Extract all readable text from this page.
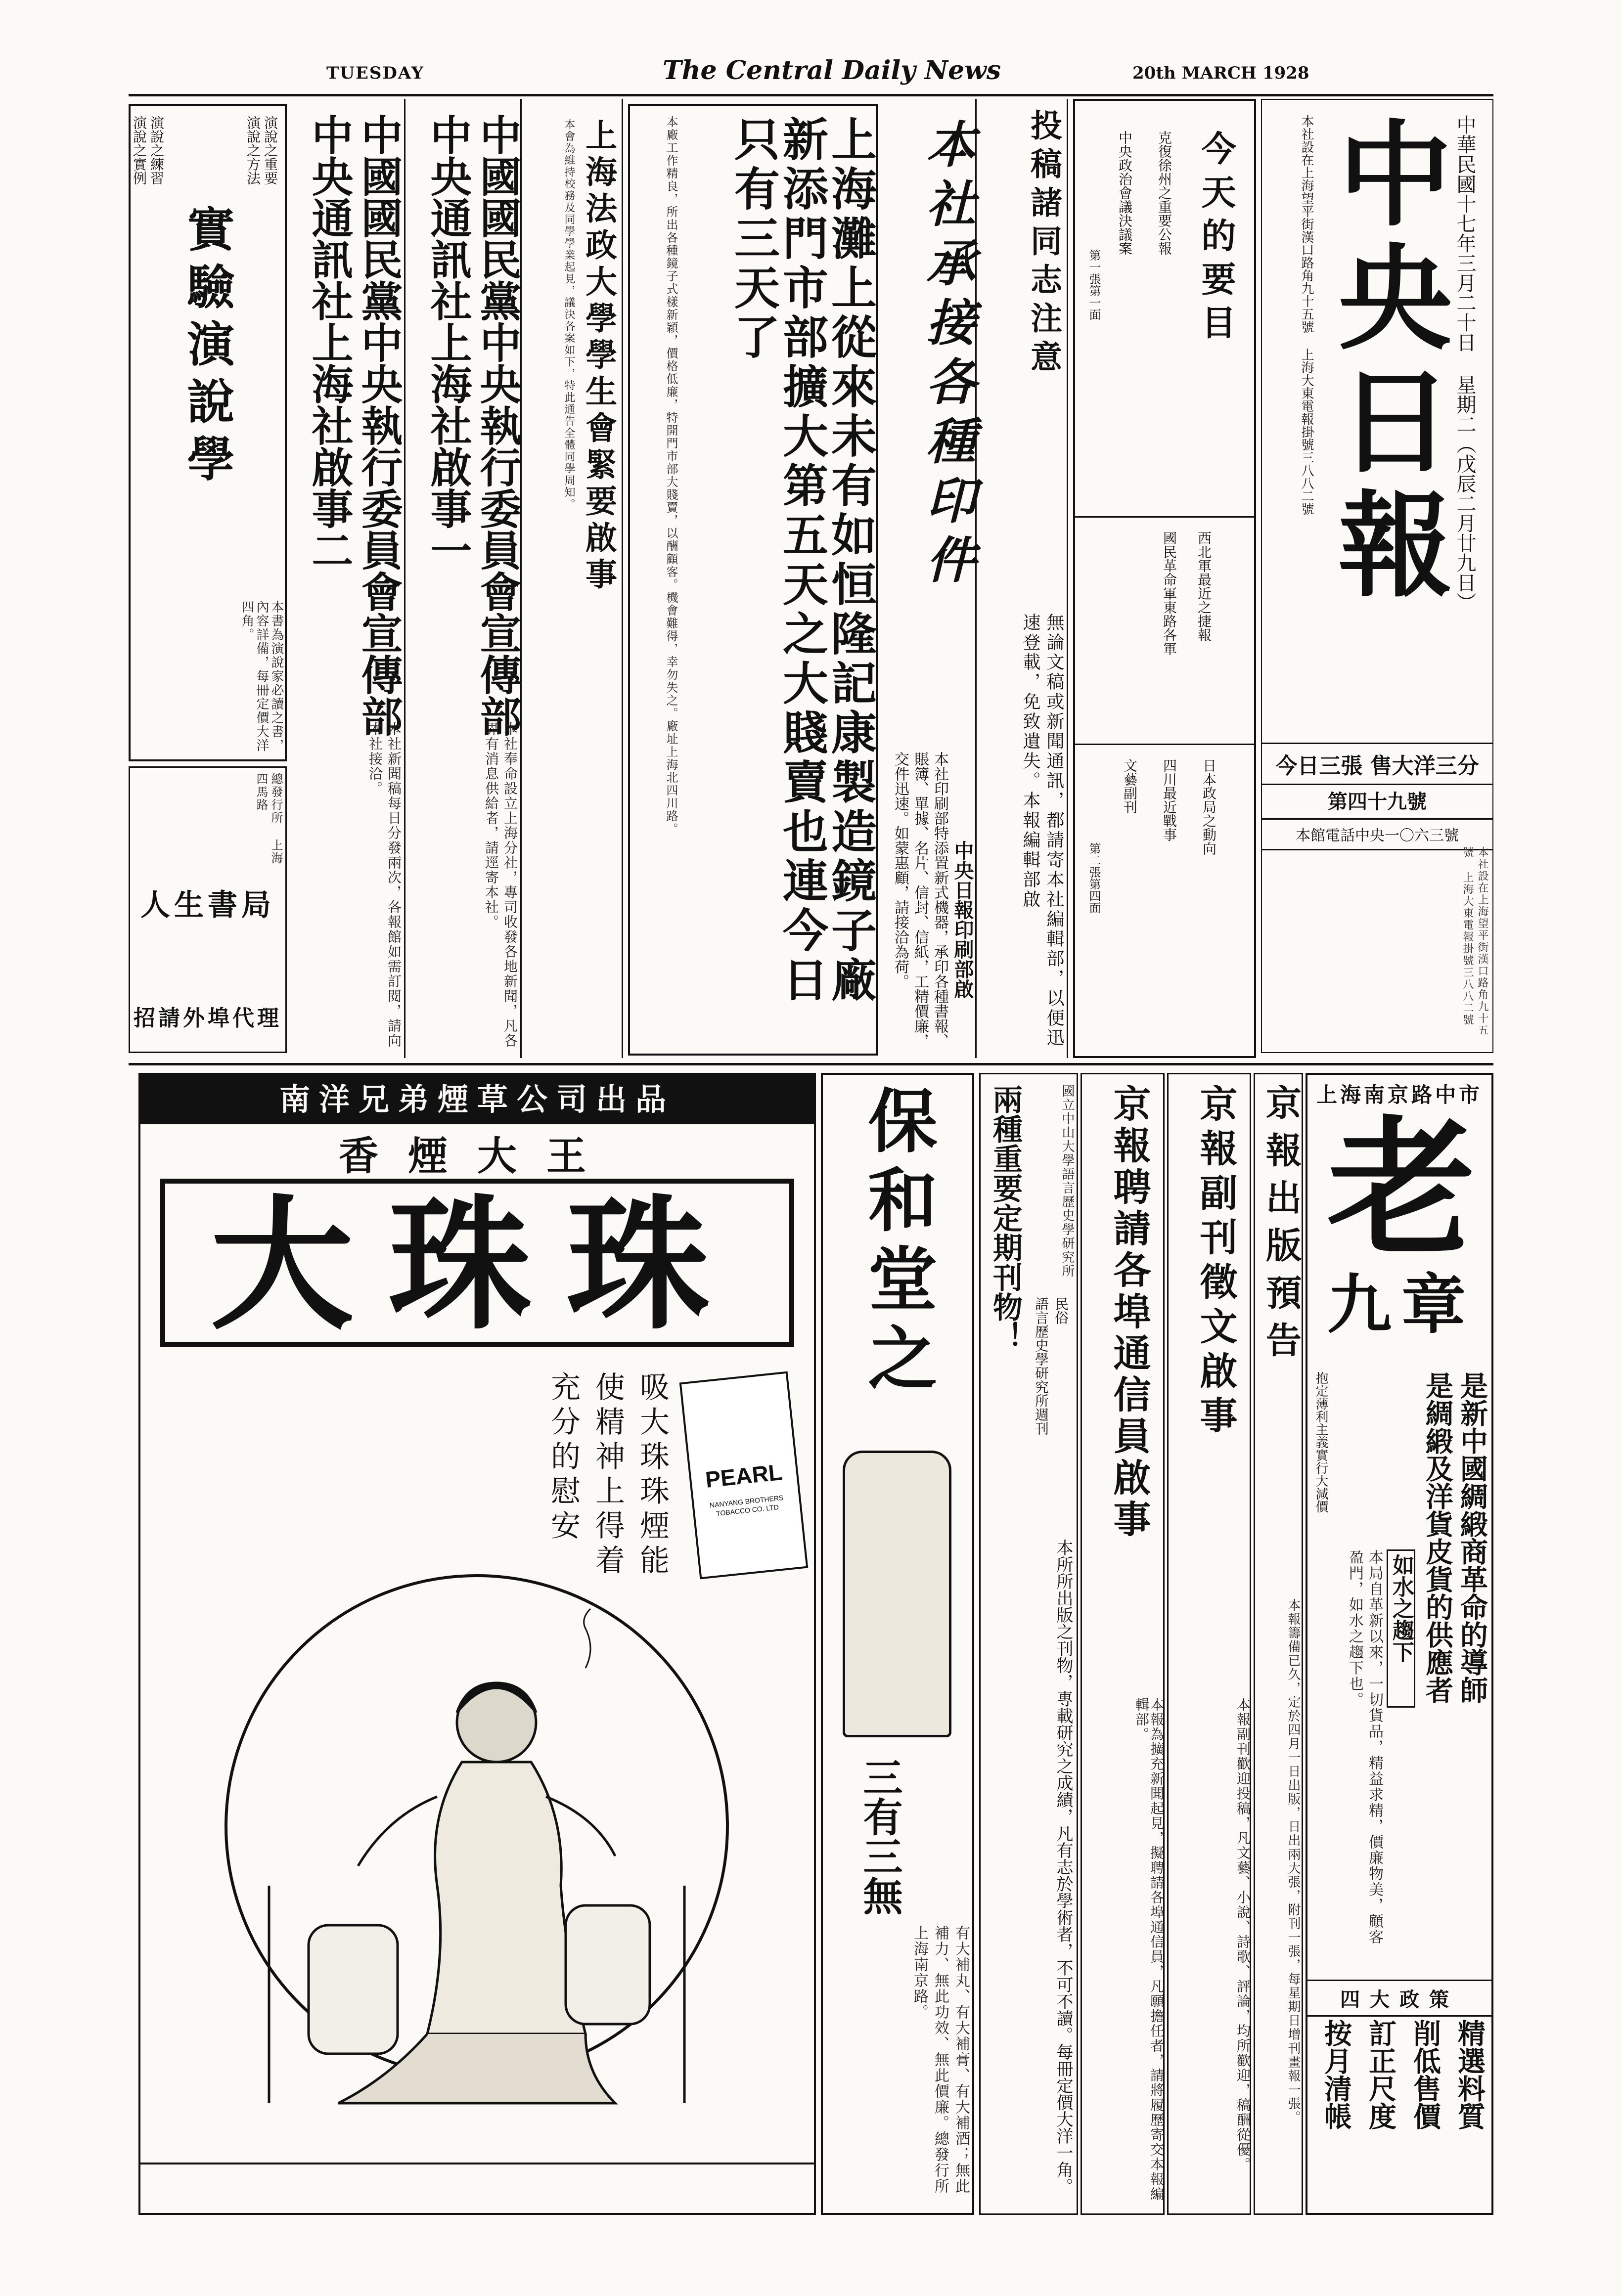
TUESDAY	The Central Daily News	20th MARCH 1928
中央日報 中華民國十七年三月二十日 星期二（戊辰二月廿九日）
本社設在上海望平街漢口路角九十五號 上海大東電報掛號三八八二號
今日三張 售大洋三分
第四十九號
本館電話中央一〇六三號
本社設在上海望平街漢口路角九十五號 上海大東電報掛號三八八二號
今天的要目
克復徐州之重要公報
中央政治會議決議案
西北軍最近之捷報
國民革命軍東路各軍
日本政局之動向
四川最近戰事
文藝副刊
第一張第一面
第二張第四面
投稿諸同志注意
無論文稿或新聞通訊，都請寄本社編輯部，以便迅速登載，免致遺失。本報編輯部啟
本社承接各種印件
本社印刷部特添置新式機器，承印各種書報、賬簿、單據、名片、信封、信紙，工精價廉，交件迅速。如蒙惠顧，請接洽為荷。	中央日報印刷部啟
上海灘上從來未有如恒隆記康製造鏡子廠新添門市部擴大第五天之大賤賣也連今日只有三天了
本廠工作精良，所出各種鏡子式樣新穎，價格低廉，特開門市部大賤賣，以酬顧客。機會難得，幸勿失之。廠址上海北四川路。
上海法政大學學生會緊要啟事
本會為維持校務及同學學業起見，議決各案如下，特此通告全體同學周知。
中國國民黨中央執行委員會宣傳部
中央通訊社上海社啟事一
本社奉命設立上海分社，專司收發各地新聞，凡各界有消息供給者，請逕寄本社。
中國國民黨中央執行委員會宣傳部
中央通訊社上海社啟事二
本社新聞稿每日分發兩次，各報館如需訂閱，請向本社接洽。
實驗演說學
演說之重要
演說之方法
演說之練習
演說之實例
本書為演說家必讀之書，內容詳備，每冊定價大洋四角。
總發行所 上海四馬路
人生書局
招請外埠代理
南洋兄弟煙草公司出品
香煙大王
大珠珠
吸大珠珠煙能使精神上得着充分的慰安	PEARL
NANYANG BROTHERS TOBACCO CO. LTD
保和堂之
三有三無
有大補丸、有大補膏、有大補酒；無此補力、無此功效、無此價廉。總發行所上海南京路。
國立中山大學語言歷史學研究所
兩種重要定期刊物！ 民俗
語言歷史學研究所週刊
本所所出版之刊物，專載研究之成績，凡有志於學術者，不可不讀。每冊定價大洋一角。
京報聘請各埠通信員啟事
本報為擴充新聞起見，擬聘請各埠通信員，凡願擔任者，請將履歷寄交本報編輯部。
京報副刊徵文啟事
本報副刊歡迎投稿，凡文藝、小說、詩歌、評論，均所歡迎，稿酬從優。
京報出版預告
本報籌備已久，定於四月一日出版，日出兩大張，附刊一張，每星期日增刊畫報一張。
上海南京路中市
老
九章
是新中國綢緞商革命的導師
是綢緞及洋貨皮貨的供應者
抱定薄利主義實行大減價
如水之趨下
本局自革新以來，一切貨品，精益求精，價廉物美，顧客盈門，如水之趨下也。
四大政策
精選料質
削低售價
訂正尺度
按月清帳
